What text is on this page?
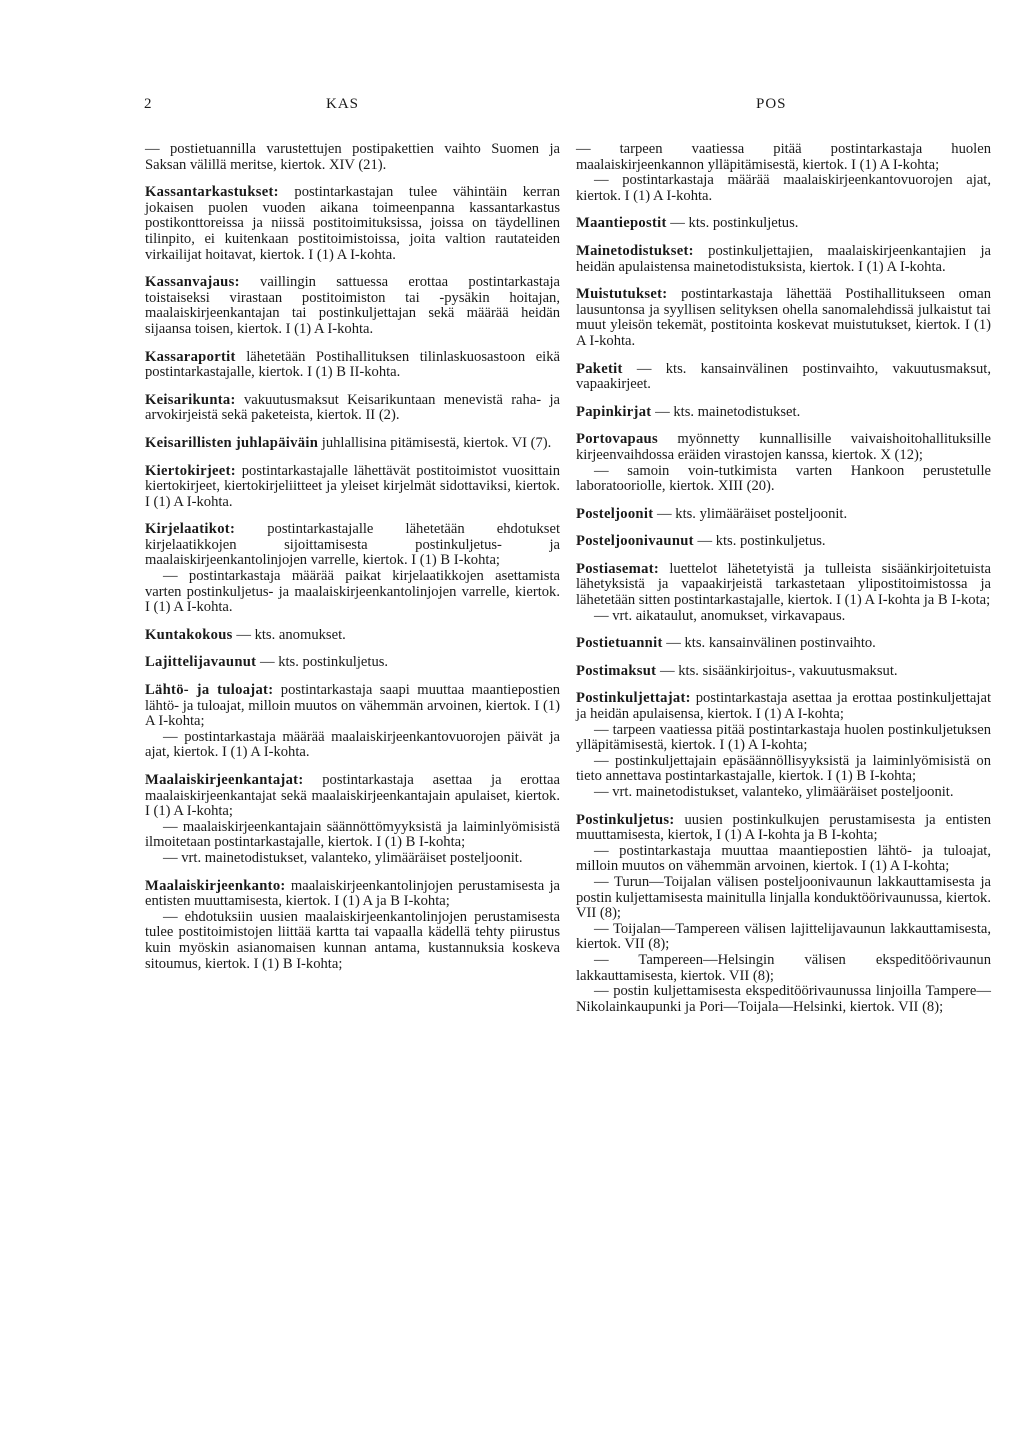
2	KAS	POS

— postietuannilla varustettujen postipakettien vaihto Suomen ja Saksan välillä meritse, kiertok. XIV (21).

Kassantarkastukset: postintarkastajan tulee vähintäin kerran jokaisen puolen vuoden aikana toimeenpanna kassantarkastus postikonttoreissa ja niissä postitoimituksissa, joissa on täydellinen tilinpito, ei kuitenkaan postitoimistoissa, joita valtion rautateiden virkailijat hoitavat, kiertok. I (1) A I-kohta.

Kassanvajaus: vaillingin sattuessa erottaa postintarkastaja toistaiseksi virastaan postitoimiston tai -pysäkin hoitajan, maalaiskirjeenkantajan tai postinkuljettajan sekä määrää heidän sijaansa toisen, kiertok. I (1) A I-kohta.

Kassaraportit lähetetään Postihallituksen tilinlaskuosastoon eikä postintarkastajalle, kiertok. I (1) B II-kohta.

Keisarikunta: vakuutusmaksut Keisarikuntaan menevistä raha- ja arvokirjeistä sekä paketeista, kiertok. II (2).

Keisarillisten juhlapäiväin juhlallisina pitämisestä, kiertok. VI (7).

Kiertokirjeet: postintarkastajalle lähettävät postitoimistot vuosittain kiertokirjeet, kiertokirjeliitteet ja yleiset kirjelmät sidottaviksi, kiertok. I (1) A I-kohta.

Kirjelaatikot: postintarkastajalle lähetetään ehdotukset kirjelaatikkojen sijoittamisesta postinkuljetus- ja maalaiskirjeenkantolinjojen varrelle, kiertok. I (1) B I-kohta;
— postintarkastaja määrää paikat kirjelaatikkojen asettamista varten postinkuljetus- ja maalaiskirjeenkantolinjojen varrelle, kiertok. I (1) A I-kohta.

Kuntakokous — kts. anomukset.

Lajittelijavaunut — kts. postinkuljetus.

Lähtö- ja tuloajat: postintarkastaja saapi muuttaa maantiepostien lähtö- ja tuloajat, milloin muutos on vähemmän arvoinen, kiertok. I (1) A I-kohta;
— postintarkastaja määrää maalaiskirjeenkantovuorojen päivät ja ajat, kiertok. I (1) A I-kohta.

Maalaiskirjeenkantajat: postintarkastaja asettaa ja erottaa maalaiskirjeenkantajat sekä maalaiskirjeenkantajain apulaiset, kiertok. I (1) A I-kohta;
— maalaiskirjeenkantajain säännöttömyyksistä ja laiminlyömisistä ilmoitetaan postintarkastajalle, kiertok. I (1) B I-kohta;
— vrt. mainetodistukset, valanteko, ylimääräiset posteljoonit.

Maalaiskirjeenkanto: maalaiskirjeenkantolinjojen perustamisesta ja entisten muuttamisesta, kiertok. I (1) A ja B I-kohta;
— ehdotuksiin uusien maalaiskirjeenkantolinjojen perustamisesta tulee postitoimistojen liittää kartta tai vapaalla kädellä tehty piirustus kuin myöskin asianomaisen kunnan antama, kustannuksia koskeva sitoumus, kiertok. I (1) B I-kohta;

— tarpeen vaatiessa pitää postintarkastaja huolen maalaiskirjeenkannon ylläpitämisestä, kiertok. I (1) A I-kohta;
— postintarkastaja määrää maalaiskirjeenkantovuorojen ajat, kiertok. I (1) A I-kohta.

Maantiepostit — kts. postinkuljetus.

Mainetodistukset: postinkuljettajien, maalaiskirjeenkantajien ja heidän apulaistensa mainetodistuksista, kiertok. I (1) A I-kohta.

Muistutukset: postintarkastaja lähettää Postihallitukseen oman lausuntonsa ja syyllisen selityksen ohella sanomalehdissä julkaistut tai muut yleisön tekemät, postitointa koskevat muistutukset, kiertok. I (1) A I-kohta.

Paketit — kts. kansainvälinen postinvaihto, vakuutusmaksut, vapaakirjeet.

Papinkirjat — kts. mainetodistukset.

Portovapaus myönnetty kunnallisille vaivaishoitohallituksille kirjeenvaihdossa eräiden virastojen kanssa, kiertok. X (12);
— samoin voin-tutkimista varten Hankoon perustetulle laboratooriolle, kiertok. XIII (20).

Posteljoonit — kts. ylimääräiset posteljoonit.

Posteljoonivaunut — kts. postinkuljetus.

Postiasemat: luettelot lähetetyistä ja tulleista sisäänkirjoitetuista lähetyksistä ja vapaakirjeistä tarkastetaan ylipostitoimistossa ja lähetetään sitten postintarkastajalle, kiertok. I (1) A I-kohta ja B I-kota;
— vrt. aikataulut, anomukset, virkavapaus.

Postietuannit — kts. kansainvälinen postinvaihto.

Postimaksut — kts. sisäänkirjoitus-, vakuutusmaksut.

Postinkuljettajat: postintarkastaja asettaa ja erottaa postinkuljettajat ja heidän apulaisensa, kiertok. I (1) A I-kohta;
— tarpeen vaatiessa pitää postintarkastaja huolen postinkuljetuksen ylläpitämisestä, kiertok. I (1) A I-kohta;
— postinkuljettajain epäsäännöllisyyksistä ja laiminlyömisistä on tieto annettava postintarkastajalle, kiertok. I (1) B I-kohta;
— vrt. mainetodistukset, valanteko, ylimääräiset posteljoonit.

Postinkuljetus: uusien postinkulkujen perustamisesta ja entisten muuttamisesta, kiertok, I (1) A I-kohta ja B I-kohta;
— postintarkastaja muuttaa maantiepostien lähtö- ja tuloajat, milloin muutos on vähemmän arvoinen, kiertok. I (1) A I-kohta;
— Turun—Toijalan välisen posteljoonivaunun lakkauttamisesta ja postin kuljettamisesta mainitulla linjalla konduktöörivaunussa, kiertok. VII (8);
— Toijalan—Tampereen välisen lajittelijavaunun lakkauttamisesta, kiertok. VII (8);
— Tampereen—Helsingin välisen ekspeditöörivaunun lakkauttamisesta, kiertok. VII (8);
— postin kuljettamisesta ekspeditöörivaunussa linjoilla Tampere—Nikolainkaupunki ja Pori—Toijala—Helsinki, kiertok. VII (8);
